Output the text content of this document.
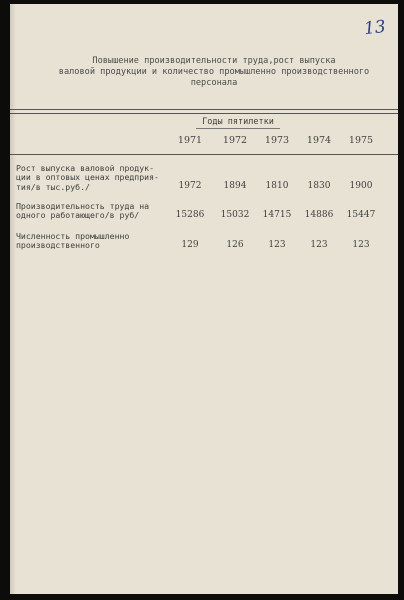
13
Повышение производительности труда,рост выпуска
валовой продукции и количество промышленно производственного
персонала
Годы пятилетки
1971	1972	1973	1974	1975
Рост выпуска валовой продук-
ции в оптовых ценах предприя-
тия/в тыс.руб./	1972	1894	1810	1830	1900
Производительность труда на
одного работающего/в руб/	15286	15032	14715	14886	15447
Численность промышленно
производственного	129	126	123	123	123
